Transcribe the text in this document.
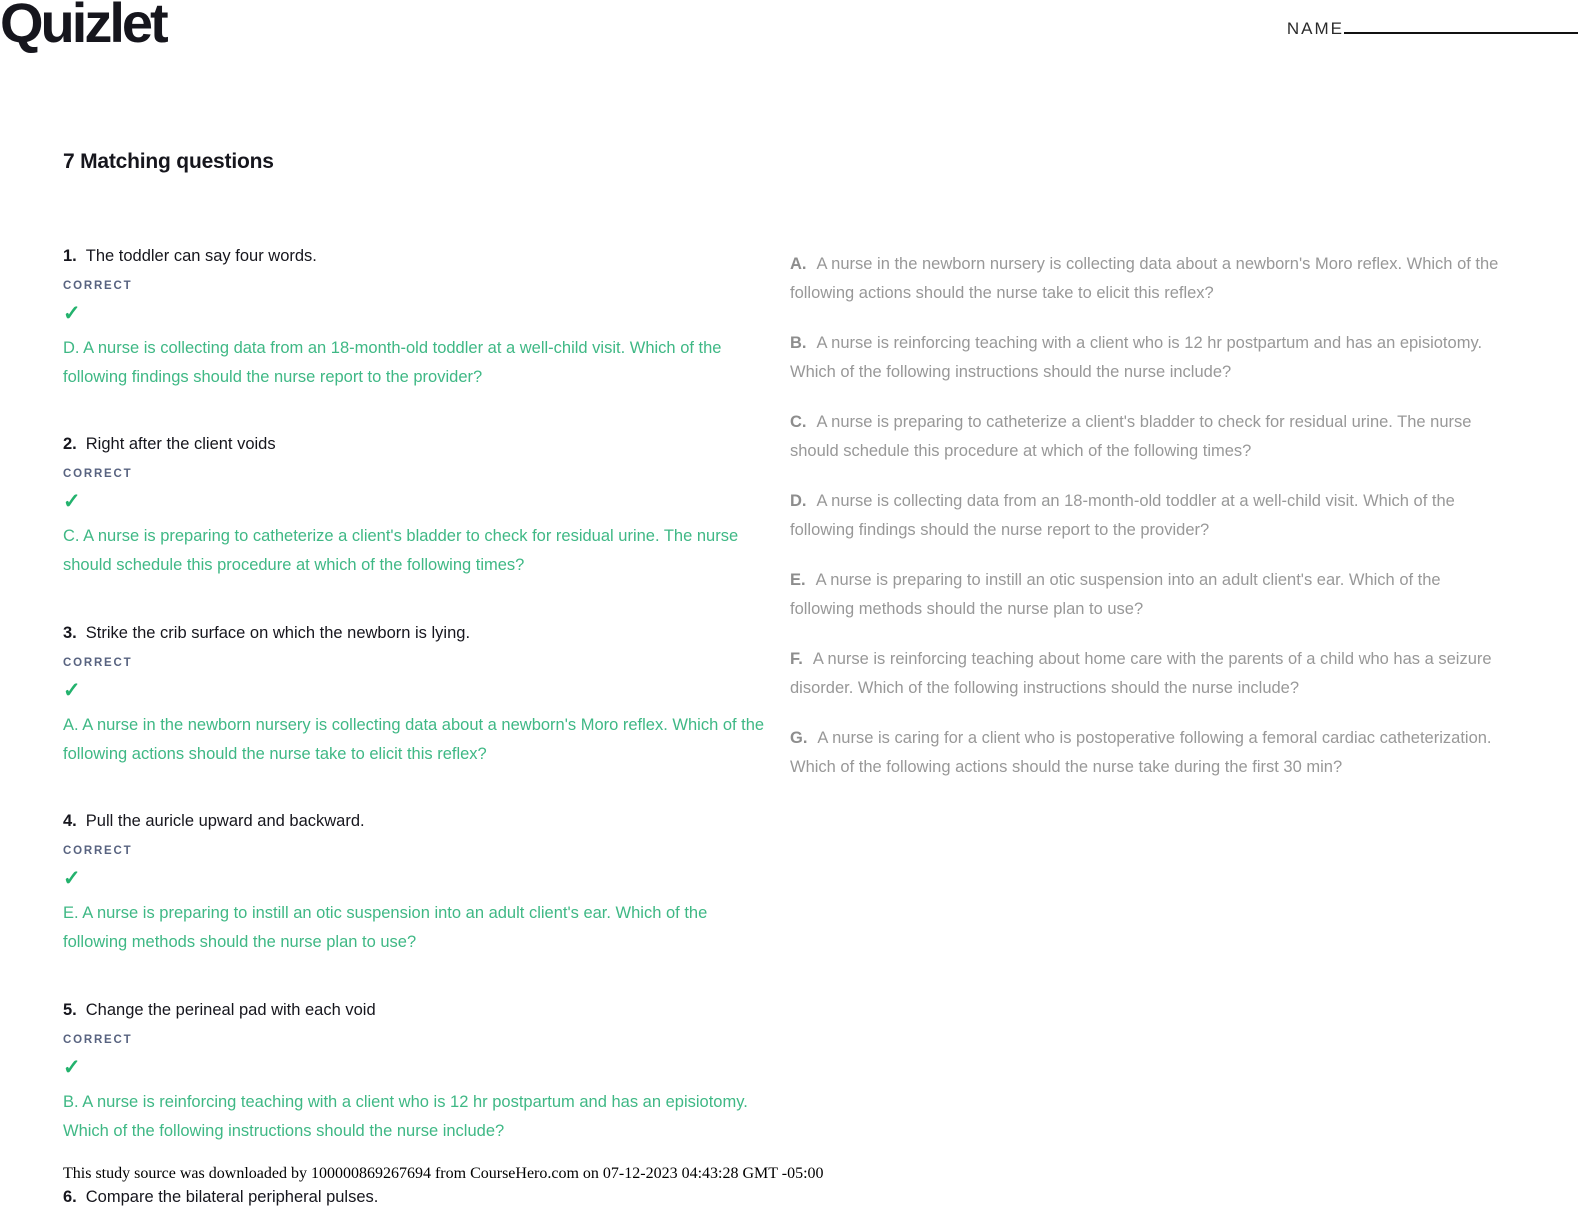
Quizlet	NAME
7 Matching questions
1. The toddler can say four words.
CORRECT
✓
D. A nurse is collecting data from an 18-month-old toddler at a well-child visit. Which of the following findings should the nurse report to the provider?
2. Right after the client voids
CORRECT
✓
C. A nurse is preparing to catheterize a client's bladder to check for residual urine. The nurse should schedule this procedure at which of the following times?
3. Strike the crib surface on which the newborn is lying.
CORRECT
✓
A. A nurse in the newborn nursery is collecting data about a newborn's Moro reflex. Which of the following actions should the nurse take to elicit this reflex?
4. Pull the auricle upward and backward.
CORRECT
✓
E. A nurse is preparing to instill an otic suspension into an adult client's ear. Which of the following methods should the nurse plan to use?
5. Change the perineal pad with each void
CORRECT
✓
B. A nurse is reinforcing teaching with a client who is 12 hr postpartum and has an episiotomy. Which of the following instructions should the nurse include?
6. Compare the bilateral peripheral pulses.
A. A nurse in the newborn nursery is collecting data about a newborn's Moro reflex. Which of the following actions should the nurse take to elicit this reflex?
B. A nurse is reinforcing teaching with a client who is 12 hr postpartum and has an episiotomy. Which of the following instructions should the nurse include?
C. A nurse is preparing to catheterize a client's bladder to check for residual urine. The nurse should schedule this procedure at which of the following times?
D. A nurse is collecting data from an 18-month-old toddler at a well-child visit. Which of the following findings should the nurse report to the provider?
E. A nurse is preparing to instill an otic suspension into an adult client's ear. Which of the following methods should the nurse plan to use?
F. A nurse is reinforcing teaching about home care with the parents of a child who has a seizure disorder. Which of the following instructions should the nurse include?
G. A nurse is caring for a client who is postoperative following a femoral cardiac catheterization. Which of the following actions should the nurse take during the first 30 min?
This study source was downloaded by 100000869267694 from CourseHero.com on 07-12-2023 04:43:28 GMT -05:00
